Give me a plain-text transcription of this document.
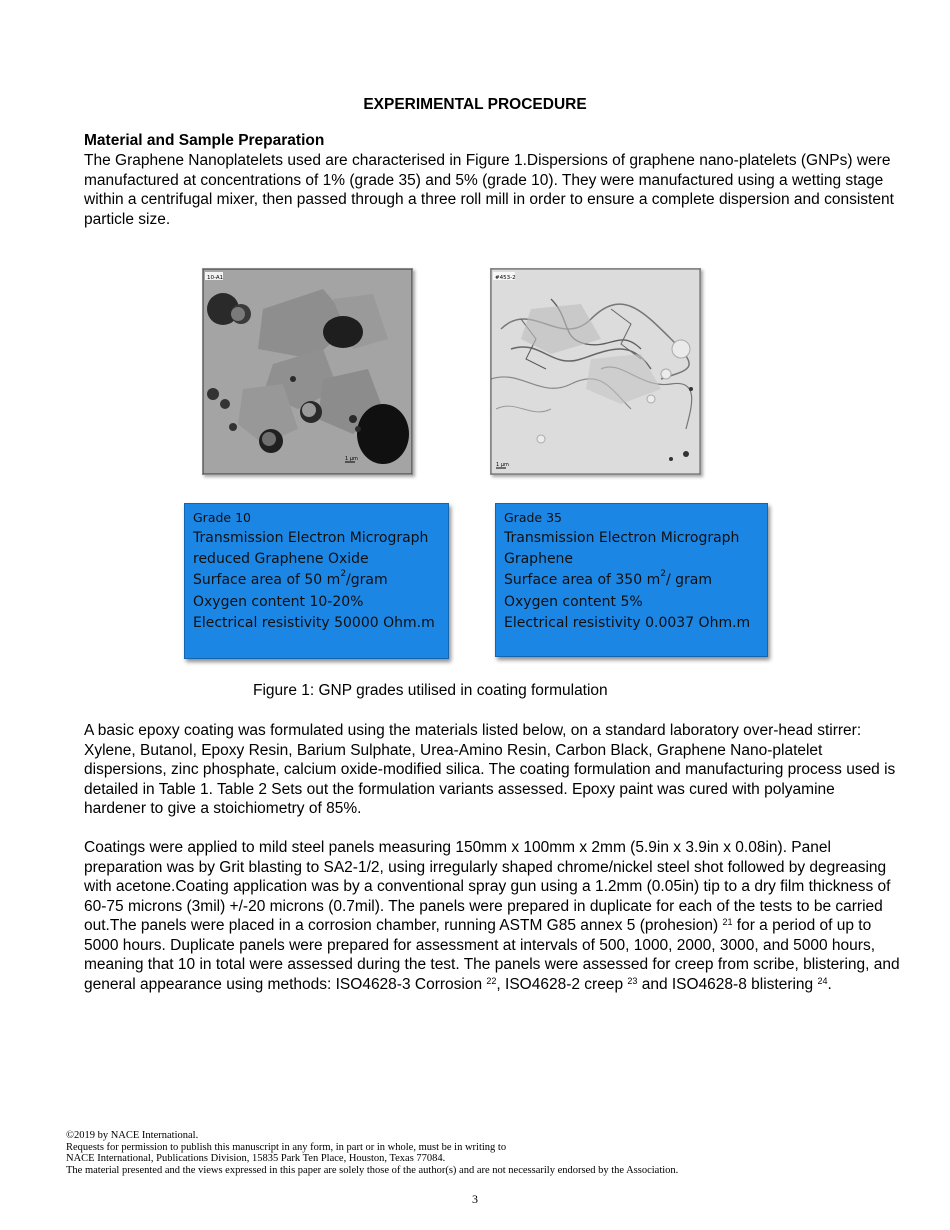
EXPERIMENTAL PROCEDURE
Material and Sample Preparation

The Graphene Nanoplatelets used are characterised in Figure 1.Dispersions of graphene nano-platelets (GNPs) were manufactured at concentrations of 1% (grade 35) and 5% (grade 10). They were manufactured using a wetting stage within a centrifugal mixer, then passed through a three roll mill in order to ensure a complete dispersion and consistent particle size.

10-A1
1 μm
#453-2
1 μm
Grade 10
Transmission Electron Micrograph
reduced Graphene Oxide
Surface area of 50 $m^2$/gram
Oxygen content 10-20%
Electrical resistivity 50000 Ohm.m
Grade 35
Transmission Electron Micrograph
Graphene
Surface area of 350 $m^2/$ gram
Oxygen content 5%
Electrical resistivity 0.0037 Ohm.m
Figure 1: GNP grades utilised in coating formulation

A basic epoxy coating was formulated using the materials listed below, on a standard laboratory over-head stirrer: Xylene, Butanol, Epoxy Resin, Barium Sulphate, Urea-Amino Resin, Carbon Black, Graphene Nano-platelet dispersions, zinc phosphate, calcium oxide-modified silica. The coating formulation and manufacturing process used is detailed in Table 1. Table 2 Sets out the formulation variants assessed. Epoxy paint was cured with polyamine hardener to give a stoichiometry of 85%.

Coatings were applied to mild steel panels measuring 150mm x 100mm x 2mm (5.9in x 3.9in x 0.08in). Panel preparation was by Grit blasting to SA2-1/2, using irregularly shaped chrome/nickel steel shot followed by degreasing with acetone.Coating application was by a conventional spray gun using a 1.2mm (0.05in) tip to a dry film thickness of 60-75 microns (3mil) +/-20 microns (0.7mil). The panels were prepared in duplicate for each of the tests to be carried out.The panels were placed in a corrosion chamber, running ASTM G85 annex 5 (prohesion) $^{21}$ for a period of up to 5000 hours. Duplicate panels were prepared for assessment at intervals of 500, 1000, 2000, 3000, and 5000 hours, meaning that 10 in total were assessed during the test. The panels were assessed for creep from scribe, blistering, and general appearance using methods: ISO4628-3 Corrosion $^{22}$, ISO4628-2 creep $^{23}$ and ISO4628-8 blistering $^{24}$.

©2019 by NACE International.
Requests for permission to publish this manuscript in any form, in part or in whole, must be in writing to
NACE International, Publications Division, 15835 Park Ten Place, Houston, Texas 77084.
The material presented and the views expressed in this paper are solely those of the author(s) and are not necessarily endorsed by the Association.
3
